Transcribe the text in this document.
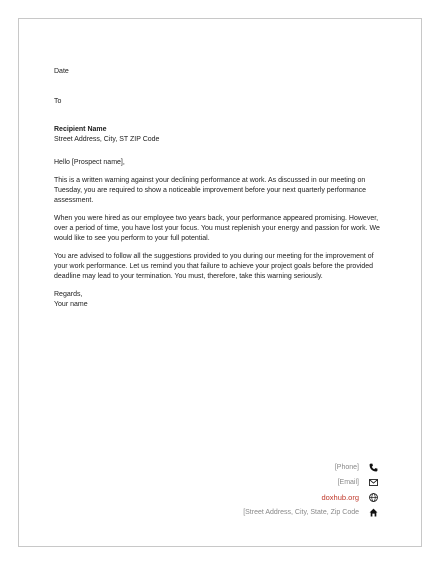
Date

To

Recipient Name

Street Address, City, ST ZIP Code

Hello [Prospect name],

This is a written warning against your declining performance at work. As discussed in our meeting on Tuesday, you are required to show a noticeable improvement before your next quarterly performance assessment.

When you were hired as our employee two years back, your performance appeared promising. However, over a period of time, you have lost your focus. You must replenish your energy and passion for work. We would like to see you perform to your full potential.

You are advised to follow all the suggestions provided to you during our meeting for the improvement of your work performance. Let us remind you that failure to achieve your project goals before the provided deadline may lead to your termination. You must, therefore, take this warning seriously.

Regards,

Your name

[Phone]
[Email]
doxhub.org
[Street Address, City, State, Zip Code
